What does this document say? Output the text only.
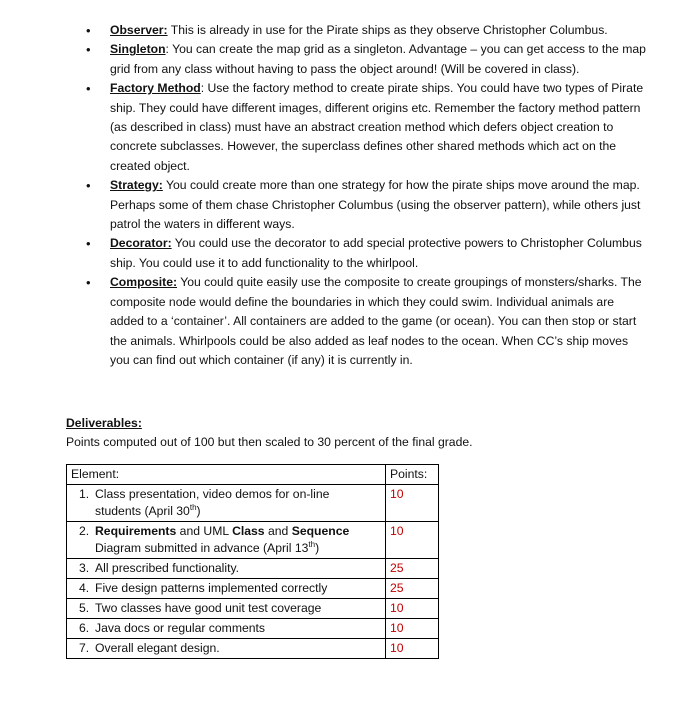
• Observer: This is already in use for the Pirate ships as they observe Christopher Columbus.
• Singleton: You can create the map grid as a singleton. Advantage – you can get access to the map grid from any class without having to pass the object around! (Will be covered in class).
• Factory Method: Use the factory method to create pirate ships. You could have two types of Pirate ship. They could have different images, different origins etc. Remember the factory method pattern (as described in class) must have an abstract creation method which defers object creation to concrete subclasses. However, the superclass defines other shared methods which act on the created object.
• Strategy: You could create more than one strategy for how the pirate ships move around the map. Perhaps some of them chase Christopher Columbus (using the observer pattern), while others just patrol the waters in different ways.
• Decorator: You could use the decorator to add special protective powers to Christopher Columbus ship. You could use it to add functionality to the whirlpool.
• Composite: You could quite easily use the composite to create groupings of monsters/sharks. The composite node would define the boundaries in which they could swim. Individual animals are added to a ‘container’. All containers are added to the game (or ocean). You can then stop or start the animals. Whirlpools could be also added as leaf nodes to the ocean. When CC’s ship moves you can find out which container (if any) it is currently in.
Deliverables:
Points computed out of 100 but then scaled to 30 percent of the final grade.
Element:	Points:
1. Class presentation, video demos for on-line students (April 30th)	10
2. Requirements and UML Class and Sequence Diagram submitted in advance (April 13th)	10
3. All prescribed functionality.	25
4. Five design patterns implemented correctly	25
5. Two classes have good unit test coverage	10
6. Java docs or regular comments	10
7. Overall elegant design.	10
